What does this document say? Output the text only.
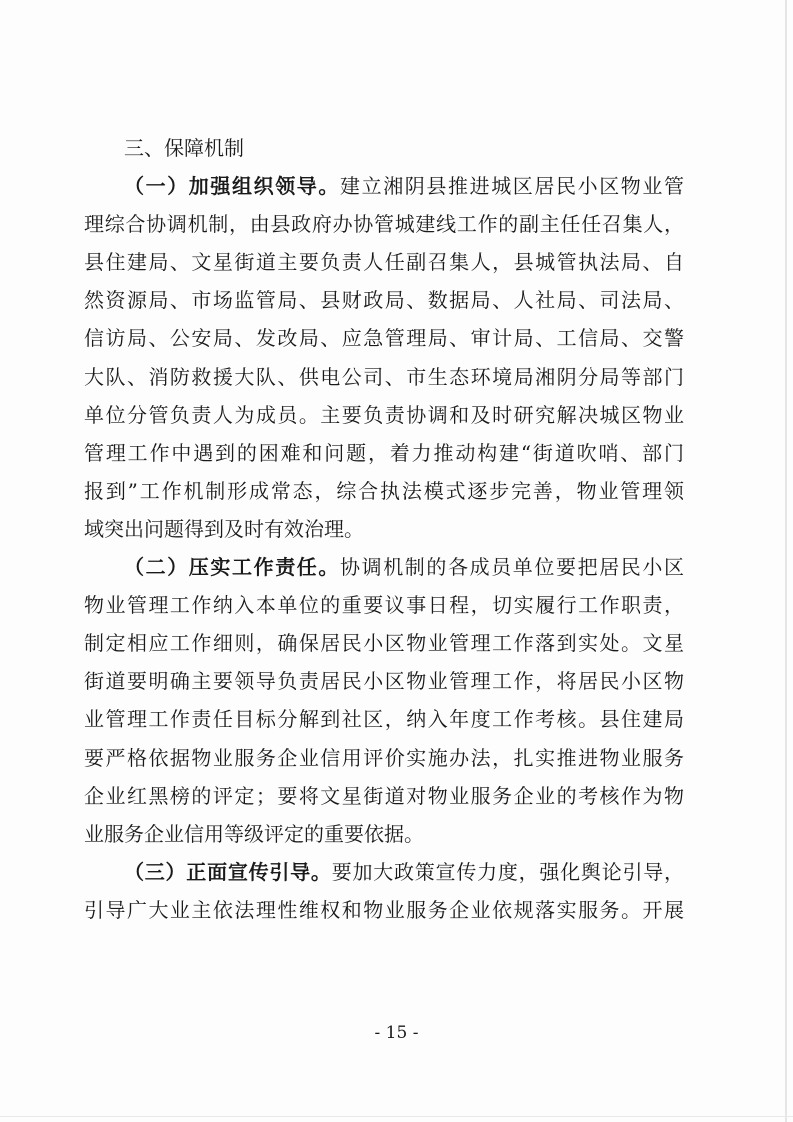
三、保障机制
（一）加强组织领导。建立湘阴县推进城区居民小区物业管
理综合协调机制，由县政府办协管城建线工作的副主任任召集人，
县住建局、文星街道主要负责人任副召集人，县城管执法局、自
然资源局、市场监管局、县财政局、数据局、人社局、司法局、
信访局、公安局、发改局、应急管理局、审计局、工信局、交警
大队、消防救援大队、供电公司、市生态环境局湘阴分局等部门
单位分管负责人为成员。主要负责协调和及时研究解决城区物业
管理工作中遇到的困难和问题，着力推动构建“街道吹哨、部门
报到”工作机制形成常态，综合执法模式逐步完善，物业管理领
域突出问题得到及时有效治理。
（二）压实工作责任。协调机制的各成员单位要把居民小区
物业管理工作纳入本单位的重要议事日程，切实履行工作职责，
制定相应工作细则，确保居民小区物业管理工作落到实处。文星
街道要明确主要领导负责居民小区物业管理工作，将居民小区物
业管理工作责任目标分解到社区，纳入年度工作考核。县住建局
要严格依据物业服务企业信用评价实施办法，扎实推进物业服务
企业红黑榜的评定；要将文星街道对物业服务企业的考核作为物
业服务企业信用等级评定的重要依据。
（三）正面宣传引导。要加大政策宣传力度，强化舆论引导，
引导广大业主依法理性维权和物业服务企业依规落实服务。开展
- 15 -
